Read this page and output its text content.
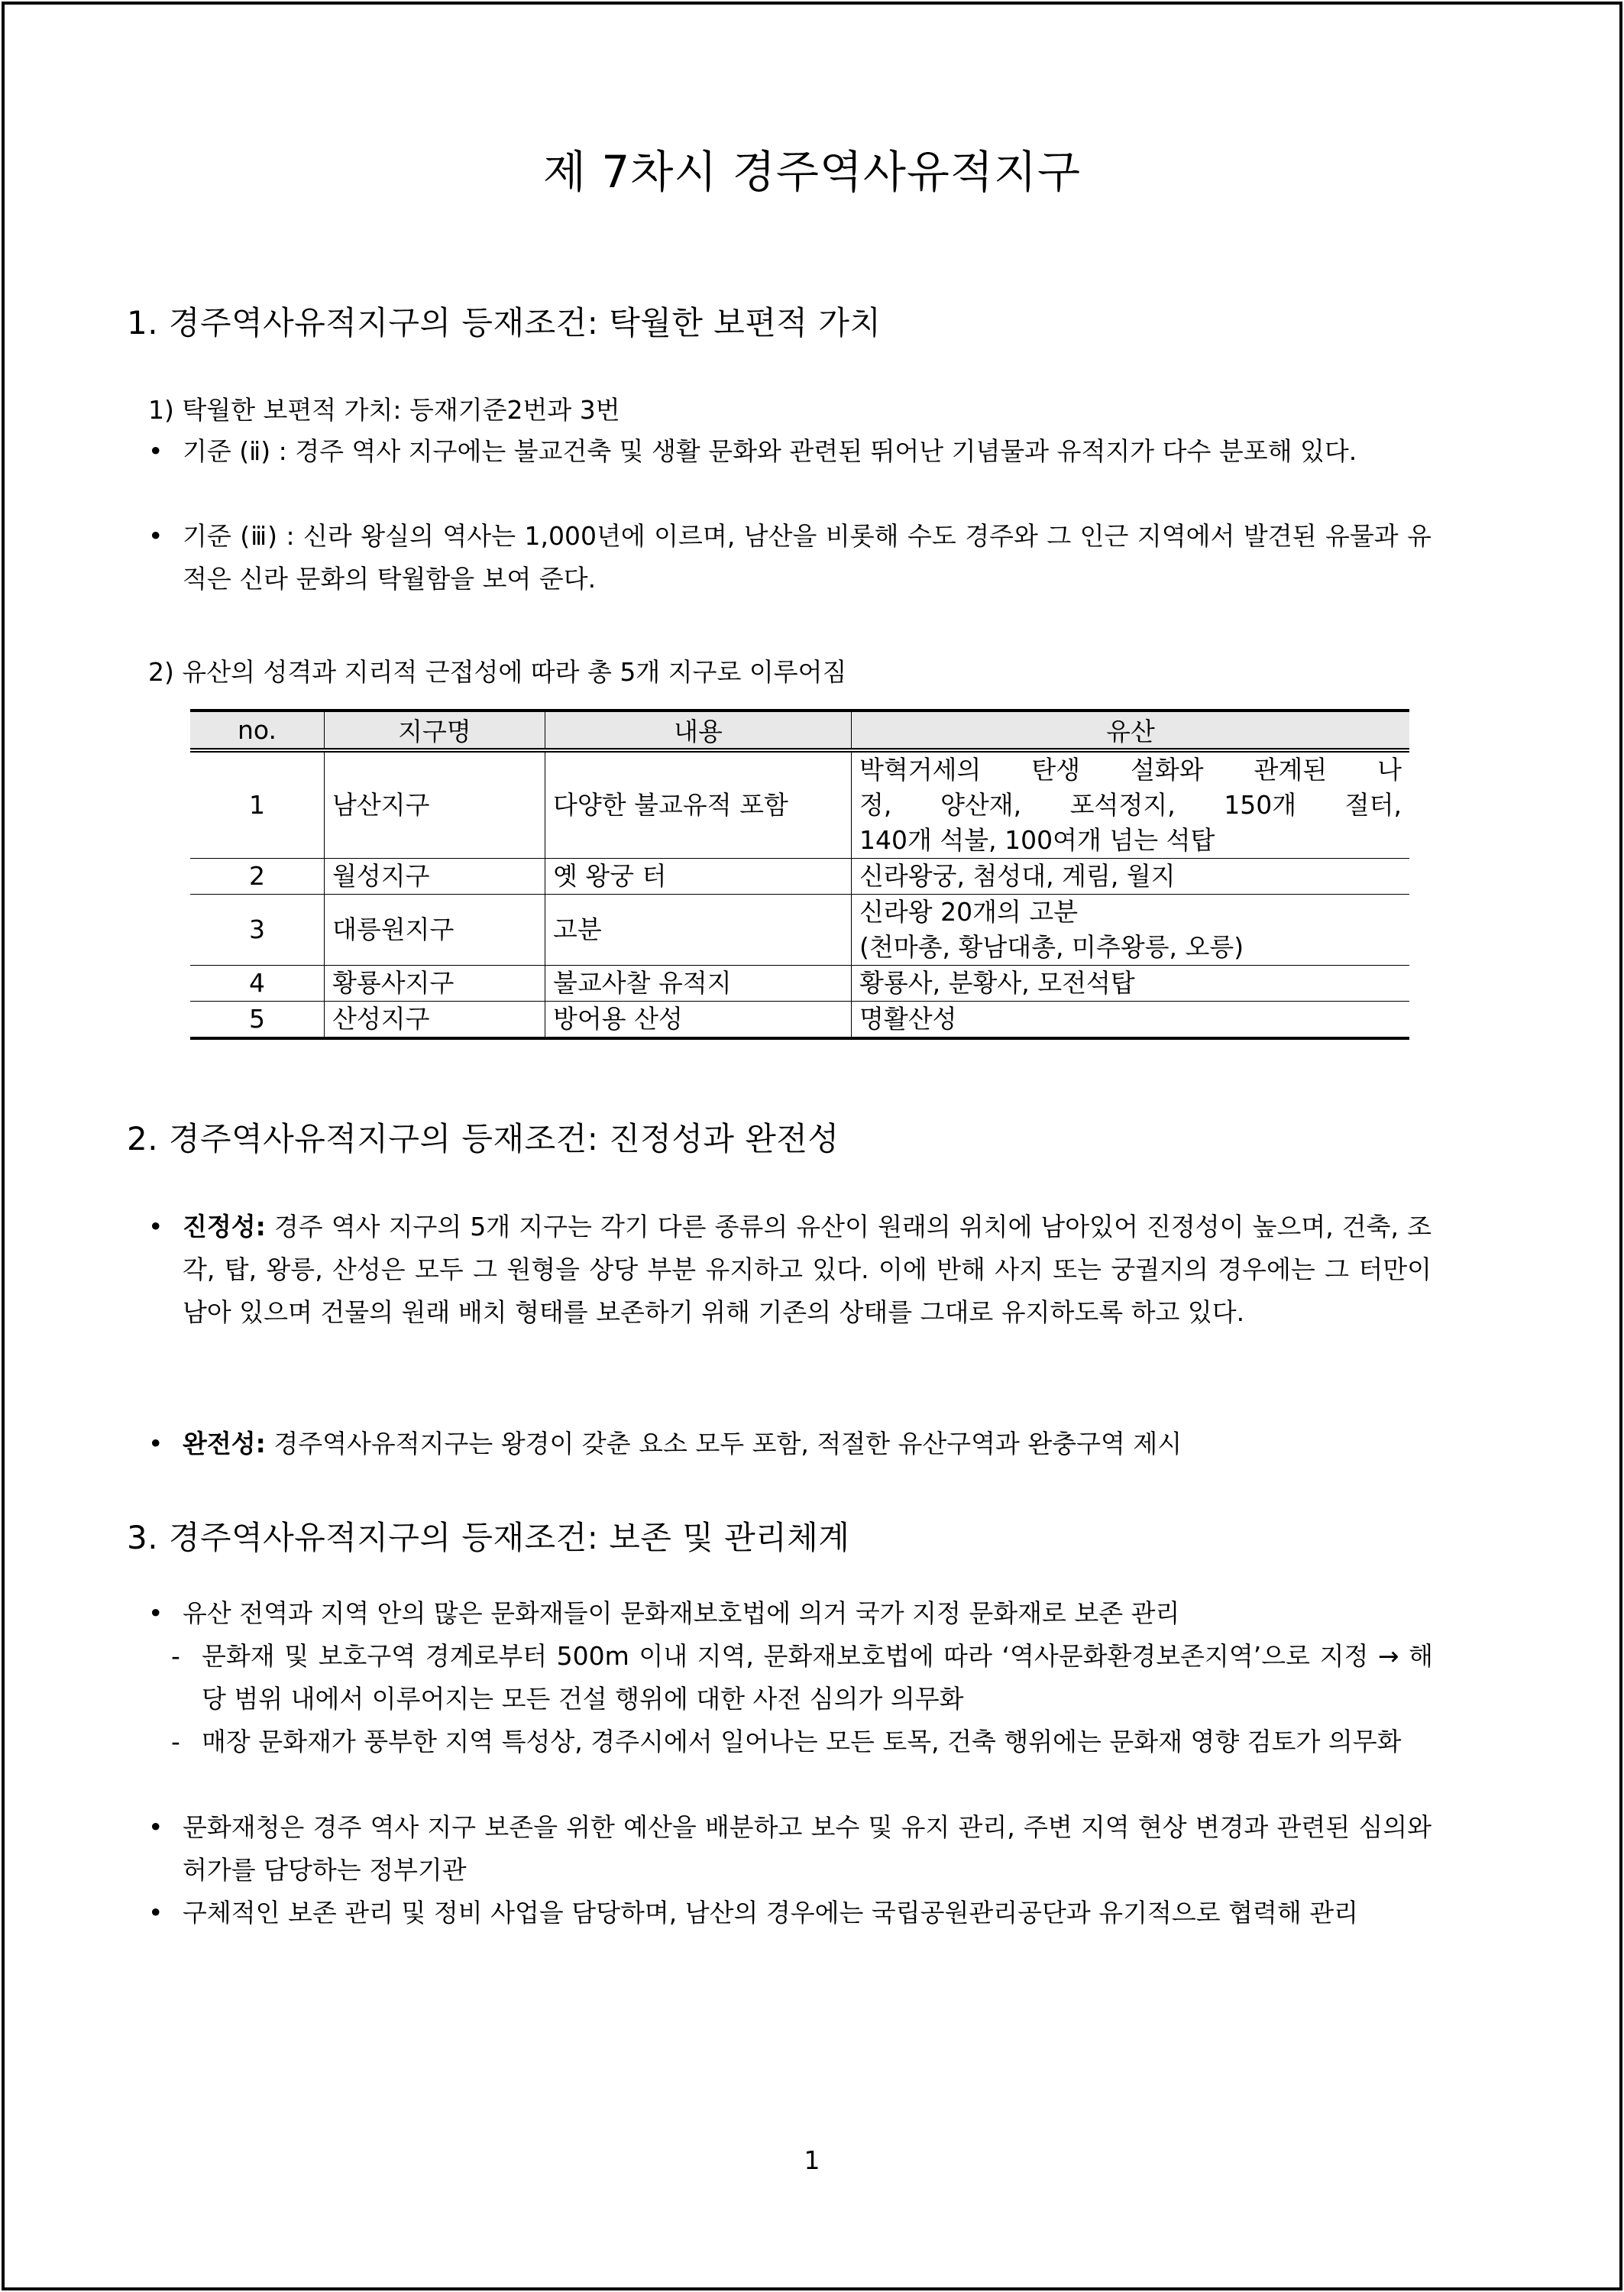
제 7차시 경주역사유적지구
1. 경주역사유적지구의 등재조건: 탁월한 보편적 가치
1) 탁월한 보편적 가치: 등재기준2번과 3번
• 기준 (ⅱ) : 경주 역사 지구에는 불교건축 및 생활 문화와 관련된 뛰어난 기념물과 유적지가 다수 분포해 있다.
• 기준 (ⅲ) : 신라 왕실의 역사는 1,000년에 이르며, 남산을 비롯해 수도 경주와 그 인근 지역에서 발견된 유물과 유적은 신라 문화의 탁월함을 보여 준다.
2) 유산의 성격과 지리적 근접성에 따라 총 5개 지구로 이루어짐
no.	지구명	내용	유산
1	남산지구	다양한 불교유적 포함	박혁거세의 탄생 설화와 관계된 나
정, 양산재, 포석정지, 150개 절터,
140개 석불, 100여개 넘는 석탑

2	월성지구	옛 왕궁 터	신라왕궁, 첨성대, 계림, 월지

3	대릉원지구	고분	신라왕 20개의 고분
(천마총, 황남대총, 미추왕릉, 오릉)

4	황룡사지구	불교사찰 유적지	황룡사, 분황사, 모전석탑

5	산성지구	방어용 산성	명활산성
2. 경주역사유적지구의 등재조건: 진정성과 완전성
• 진정성: 경주 역사 지구의 5개 지구는 각기 다른 종류의 유산이 원래의 위치에 남아있어 진정성이 높으며, 건축, 조각, 탑, 왕릉, 산성은 모두 그 원형을 상당 부분 유지하고 있다. 이에 반해 사지 또는 궁궐지의 경우에는 그 터만이 남아 있으며 건물의 원래 배치 형태를 보존하기 위해 기존의 상태를 그대로 유지하도록 하고 있다.
• 완전성: 경주역사유적지구는 왕경이 갖춘 요소 모두 포함, 적절한 유산구역과 완충구역 제시
3. 경주역사유적지구의 등재조건: 보존 및 관리체계
• 유산 전역과 지역 안의 많은 문화재들이 문화재보호법에 의거 국가 지정 문화재로 보존 관리
- 문화재 및 보호구역 경계로부터 500m 이내 지역, 문화재보호법에 따라 ‘역사문화환경보존지역’으로 지정 → 해당 범위 내에서 이루어지는 모든 건설 행위에 대한 사전 심의가 의무화
- 매장 문화재가 풍부한 지역 특성상, 경주시에서 일어나는 모든 토목, 건축 행위에는 문화재 영향 검토가 의무화
• 문화재청은 경주 역사 지구 보존을 위한 예산을 배분하고 보수 및 유지 관리, 주변 지역 현상 변경과 관련된 심의와 허가를 담당하는 정부기관
• 구체적인 보존 관리 및 정비 사업을 담당하며, 남산의 경우에는 국립공원관리공단과 유기적으로 협력해 관리
1
